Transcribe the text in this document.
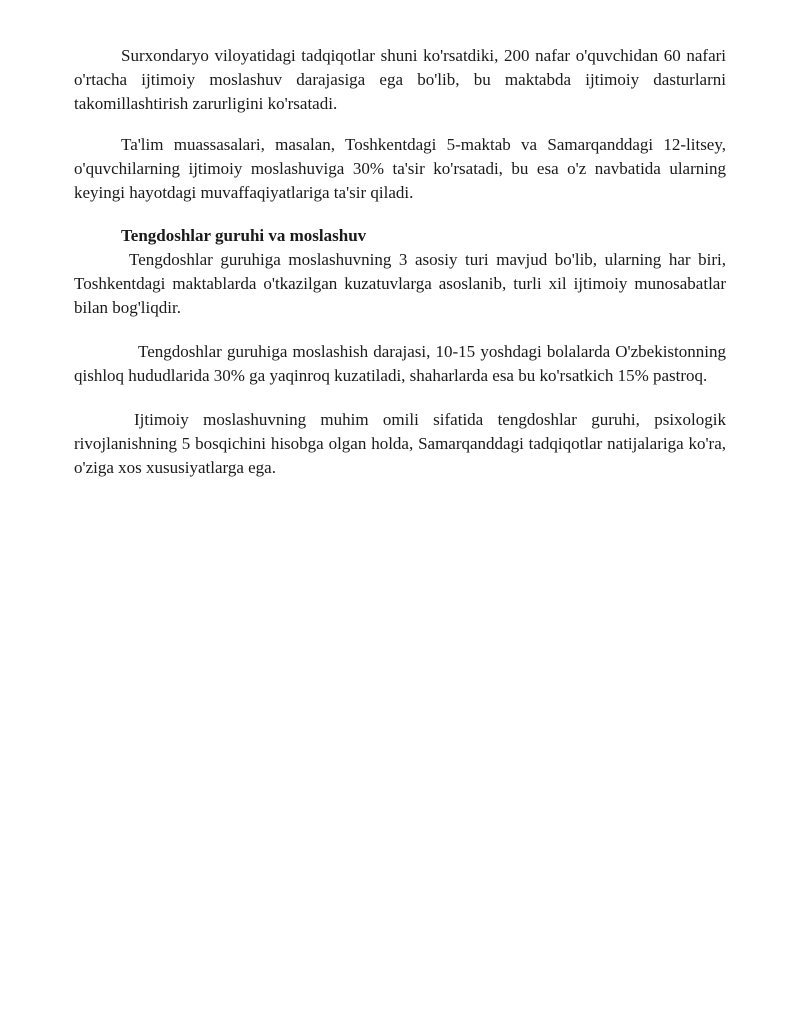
Surxondaryo viloyatidagi tadqiqotlar shuni ko'rsatdiki, 200 nafar o'quvchidan 60 nafari o'rtacha ijtimoiy moslashuv darajasiga ega bo'lib, bu maktabda ijtimoiy dasturlarni takomillashtirish zarurligini ko'rsatadi.

Ta'lim muassasalari, masalan, Toshkentdagi 5-maktab va Samarqanddagi 12-litsey, o'quvchilarning ijtimoiy moslashuviga 30% ta'sir ko'rsatadi, bu esa o'z navbatida ularning keyingi hayotdagi muvaffaqiyatlariga ta'sir qiladi.

Tengdoshlar guruhi va moslashuv

Tengdoshlar guruhiga moslashuvning 3 asosiy turi mavjud bo'lib, ularning har biri, Toshkentdagi maktablarda o'tkazilgan kuzatuvlarga asoslanib, turli xil ijtimoiy munosabatlar bilan bog'liqdir.

Tengdoshlar guruhiga moslashish darajasi, 10-15 yoshdagi bolalarda O'zbekistonning qishloq hududlarida 30% ga yaqinroq kuzatiladi, shaharlarda esa bu ko'rsatkich 15% pastroq.

Ijtimoiy moslashuvning muhim omili sifatida tengdoshlar guruhi, psixologik rivojlanishning 5 bosqichini hisobga olgan holda, Samarqanddagi tadqiqotlar natijalariga ko'ra, o'ziga xos xususiyatlarga ega.
